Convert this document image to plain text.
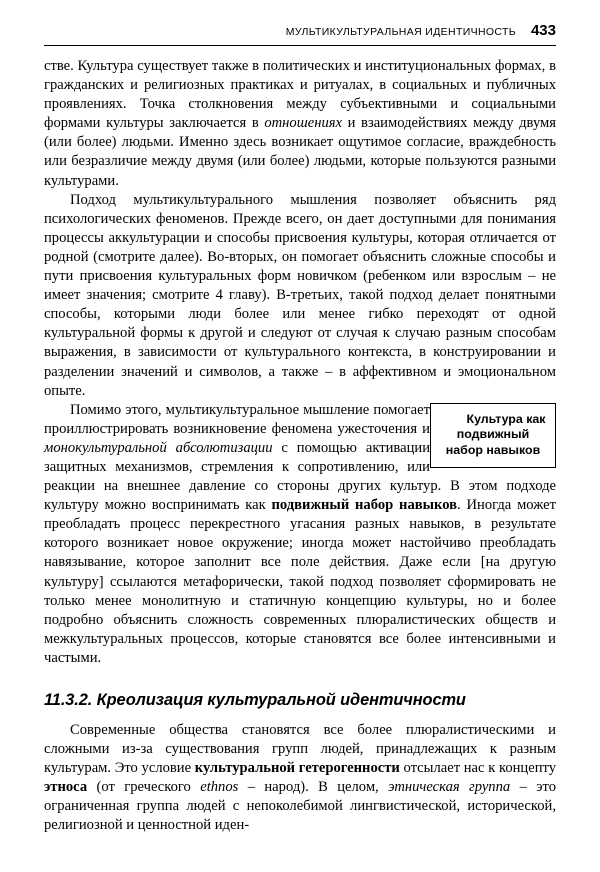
МУЛЬТИКУЛЬТУРАЛЬНАЯ ИДЕНТИЧНОСТЬ 433

стве. Культура существует также в политических и институциональных формах, в гражданских и религиозных практиках и ритуалах, в социальных и публичных проявлениях. Точка столкновения между субъективными и социальными формами культуры заключается в отношениях и взаимодействиях между двумя (или более) людьми. Именно здесь возникает ощутимое согласие, враждебность или безразличие между двумя (или более) людьми, которые пользуются разными культурами.

Подход мультикультурального мышления позволяет объяснить ряд психологических феноменов. Прежде всего, он дает доступными для понимания процессы аккультурации и способы присвоения культуры, которая отличается от родной (смотрите далее). Во-вторых, он помогает объяснить сложные способы и пути присвоения культуральных форм новичком (ребенком или взрослым – не имеет значения; смотрите 4 главу). В-третьих, такой подход делает понятными способы, которыми люди более или менее гибко переходят от одной культуральной формы к другой и следуют от случая к случаю разным способам выражения, в зависимости от культурального контекста, в конструировании и разделении значений и символов, а также – в аффективном и эмоциональном опыте.

Культура как подвижный набор навыков
Помимо этого, мультикультуральное мышление помогает проиллюстрировать возникновение феномена ужесточения и монокультуральной абсолютизации с помощью активации защитных механизмов, стремления к сопротивлению, или реакции на внешнее давление со стороны других культур. В этом подходе культуру можно воспринимать как подвижный набор навыков. Иногда может преобладать процесс перекрестного угасания разных навыков, в результате которого возникает новое окружение; иногда может настойчиво преобладать навязывание, которое заполнит все поле действия. Даже если [на другую культуру] ссылаются метафорически, такой подход позволяет сформировать не только менее монолитную и статичную концепцию культуры, но и более подробно объяснить сложность современных плюралистических обществ и межкультуральных процессов, которые становятся все более интенсивными и частыми.

11.3.2. Креолизация культуральной идентичности

Современные общества становятся все более плюралистическими и сложными из-за существования групп людей, принадлежащих к разным культурам. Это условие культуральной гетерогенности отсылает нас к концепту этноса (от греческого ethnos – народ). В целом, этническая группа – это ограниченная группа людей с непоколебимой лингвистической, исторической, религиозной и ценностной иден-
